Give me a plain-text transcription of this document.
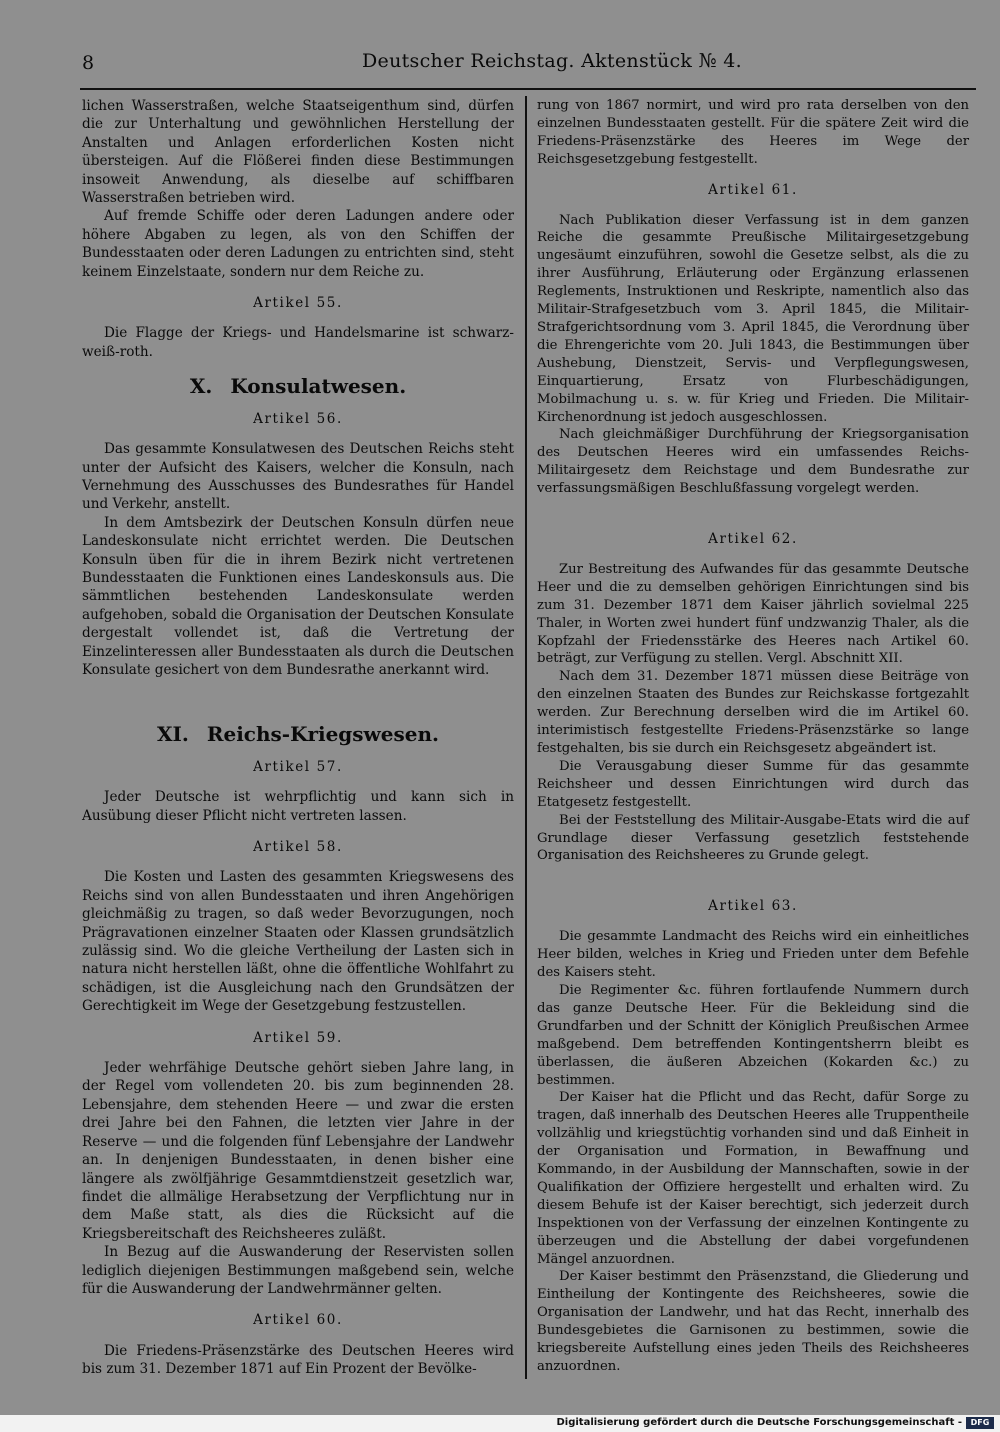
8	Deutscher Reichstag. Aktenstück № 4.
lichen Wasserstraßen, welche Staatseigenthum sind, dürfen die zur Unterhaltung und gewöhnlichen Herstellung der Anstalten und Anlagen erforderlichen Kosten nicht übersteigen. Auf die Flößerei finden diese Bestimmungen insoweit Anwendung, als dieselbe auf schiffbaren Wasserstraßen betrieben wird.
Auf fremde Schiffe oder deren Ladungen andere oder höhere Abgaben zu legen, als von den Schiffen der Bundesstaaten oder deren Ladungen zu entrichten sind, steht keinem Einzelstaate, sondern nur dem Reiche zu.
Artikel 55.
Die Flagge der Kriegs- und Handelsmarine ist schwarz-weiß-roth.
X. Konsulatwesen.
Artikel 56.
Das gesammte Konsulatwesen des Deutschen Reichs steht unter der Aufsicht des Kaisers, welcher die Konsuln, nach Vernehmung des Ausschusses des Bundesrathes für Handel und Verkehr, anstellt.
In dem Amtsbezirk der Deutschen Konsuln dürfen neue Landeskonsulate nicht errichtet werden. Die Deutschen Konsuln üben für die in ihrem Bezirk nicht vertretenen Bundesstaaten die Funktionen eines Landeskonsuls aus. Die sämmtlichen bestehenden Landeskonsulate werden aufgehoben, sobald die Organisation der Deutschen Konsulate dergestalt vollendet ist, daß die Vertretung der Einzelinteressen aller Bundesstaaten als durch die Deutschen Konsulate gesichert von dem Bundesrathe anerkannt wird.
XI. Reichs-Kriegswesen.
Artikel 57.
Jeder Deutsche ist wehrpflichtig und kann sich in Ausübung dieser Pflicht nicht vertreten lassen.
Artikel 58.
Die Kosten und Lasten des gesammten Kriegswesens des Reichs sind von allen Bundesstaaten und ihren Angehörigen gleichmäßig zu tragen, so daß weder Bevorzugungen, noch Prägravationen einzelner Staaten oder Klassen grundsätzlich zulässig sind. Wo die gleiche Vertheilung der Lasten sich in natura nicht herstellen läßt, ohne die öffentliche Wohlfahrt zu schädigen, ist die Ausgleichung nach den Grundsätzen der Gerechtigkeit im Wege der Gesetzgebung festzustellen.
Artikel 59.
Jeder wehrfähige Deutsche gehört sieben Jahre lang, in der Regel vom vollendeten 20. bis zum beginnenden 28. Lebensjahre, dem stehenden Heere — und zwar die ersten drei Jahre bei den Fahnen, die letzten vier Jahre in der Reserve — und die folgenden fünf Lebensjahre der Landwehr an. In denjenigen Bundesstaaten, in denen bisher eine längere als zwölfjährige Gesammtdienstzeit gesetzlich war, findet die allmälige Herabsetzung der Verpflichtung nur in dem Maße statt, als dies die Rücksicht auf die Kriegsbereitschaft des Reichsheeres zuläßt.
In Bezug auf die Auswanderung der Reservisten sollen lediglich diejenigen Bestimmungen maßgebend sein, welche für die Auswanderung der Landwehrmänner gelten.
Artikel 60.
Die Friedens-Präsenzstärke des Deutschen Heeres wird bis zum 31. Dezember 1871 auf Ein Prozent der Bevölke-
rung von 1867 normirt, und wird pro rata derselben von den einzelnen Bundesstaaten gestellt. Für die spätere Zeit wird die Friedens-Präsenzstärke des Heeres im Wege der Reichsgesetzgebung festgestellt.
Artikel 61.
Nach Publikation dieser Verfassung ist in dem ganzen Reiche die gesammte Preußische Militairgesetzgebung ungesäumt einzuführen, sowohl die Gesetze selbst, als die zu ihrer Ausführung, Erläuterung oder Ergänzung erlassenen Reglements, Instruktionen und Reskripte, namentlich also das Militair-Strafgesetzbuch vom 3. April 1845, die Militair-Strafgerichtsordnung vom 3. April 1845, die Verordnung über die Ehrengerichte vom 20. Juli 1843, die Bestimmungen über Aushebung, Dienstzeit, Servis- und Verpflegungswesen, Einquartierung, Ersatz von Flurbeschädigungen, Mobilmachung u. s. w. für Krieg und Frieden. Die Militair-Kirchenordnung ist jedoch ausgeschlossen.
Nach gleichmäßiger Durchführung der Kriegsorganisation des Deutschen Heeres wird ein umfassendes Reichs-Militairgesetz dem Reichstage und dem Bundesrathe zur verfassungsmäßigen Beschlußfassung vorgelegt werden.
Artikel 62.
Zur Bestreitung des Aufwandes für das gesammte Deutsche Heer und die zu demselben gehörigen Einrichtungen sind bis zum 31. Dezember 1871 dem Kaiser jährlich sovielmal 225 Thaler, in Worten zwei hundert fünf undzwanzig Thaler, als die Kopfzahl der Friedensstärke des Heeres nach Artikel 60. beträgt, zur Verfügung zu stellen. Vergl. Abschnitt XII.
Nach dem 31. Dezember 1871 müssen diese Beiträge von den einzelnen Staaten des Bundes zur Reichskasse fortgezahlt werden. Zur Berechnung derselben wird die im Artikel 60. interimistisch festgestellte Friedens-Präsenzstärke so lange festgehalten, bis sie durch ein Reichsgesetz abgeändert ist.
Die Verausgabung dieser Summe für das gesammte Reichsheer und dessen Einrichtungen wird durch das Etatgesetz festgestellt.
Bei der Feststellung des Militair-Ausgabe-Etats wird die auf Grundlage dieser Verfassung gesetzlich feststehende Organisation des Reichsheeres zu Grunde gelegt.
Artikel 63.
Die gesammte Landmacht des Reichs wird ein einheitliches Heer bilden, welches in Krieg und Frieden unter dem Befehle des Kaisers steht.
Die Regimenter &c. führen fortlaufende Nummern durch das ganze Deutsche Heer. Für die Bekleidung sind die Grundfarben und der Schnitt der Königlich Preußischen Armee maßgebend. Dem betreffenden Kontingentsherrn bleibt es überlassen, die äußeren Abzeichen (Kokarden &c.) zu bestimmen.
Der Kaiser hat die Pflicht und das Recht, dafür Sorge zu tragen, daß innerhalb des Deutschen Heeres alle Truppentheile vollzählig und kriegstüchtig vorhanden sind und daß Einheit in der Organisation und Formation, in Bewaffnung und Kommando, in der Ausbildung der Mannschaften, sowie in der Qualifikation der Offiziere hergestellt und erhalten wird. Zu diesem Behufe ist der Kaiser berechtigt, sich jederzeit durch Inspektionen von der Verfassung der einzelnen Kontingente zu überzeugen und die Abstellung der dabei vorgefundenen Mängel anzuordnen.
Der Kaiser bestimmt den Präsenzstand, die Gliederung und Eintheilung der Kontingente des Reichsheeres, sowie die Organisation der Landwehr, und hat das Recht, innerhalb des Bundesgebietes die Garnisonen zu bestimmen, sowie die kriegsbereite Aufstellung eines jeden Theils des Reichsheeres anzuordnen.
Digitalisierung gefördert durch die Deutsche Forschungsgemeinschaft -	DFG
